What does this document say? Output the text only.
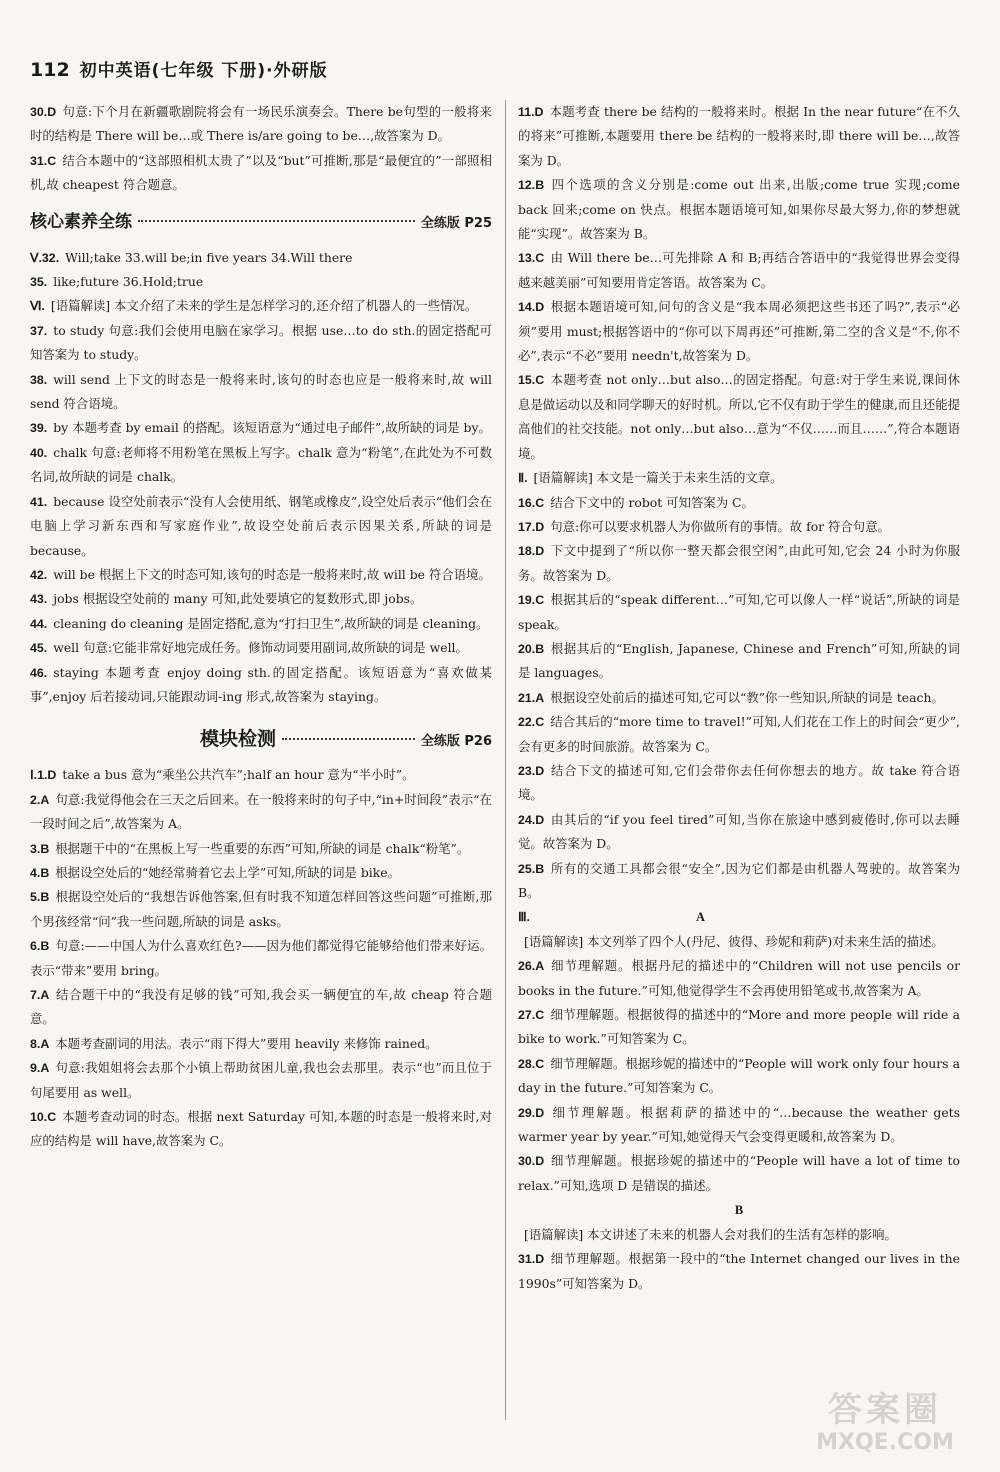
112 初中英语(七年级 下册)·外研版

30.D 句意:下个月在新疆歌剧院将会有一场民乐演奏会。There be句型的一般将来时的结构是 There will be…或 There is/are going to be…,故答案为 D。

31.C 结合本题中的“这部照相机太贵了”以及“but”可推断,那是“最便宜的”一部照相机,故 cheapest 符合题意。

核心素养全练	全练版 P25

Ⅴ.32. Will;take 33.will be;in five years 34.Will there

35. like;future 36.Hold;true

Ⅵ. [语篇解读] 本文介绍了未来的学生是怎样学习的,还介绍了机器人的一些情况。

37. to study 句意:我们会使用电脑在家学习。根据 use…to do sth.的固定搭配可知答案为 to study。

38. will send 上下文的时态是一般将来时,该句的时态也应是一般将来时,故 will send 符合语境。

39. by 本题考查 by email 的搭配。该短语意为“通过电子邮件”,故所缺的词是 by。

40. chalk 句意:老师将不用粉笔在黑板上写字。chalk 意为“粉笔”,在此处为不可数名词,故所缺的词是 chalk。

41. because 设空处前表示“没有人会使用纸、钢笔或橡皮”,设空处后表示“他们会在电脑上学习新东西和写家庭作业”,故设空处前后表示因果关系,所缺的词是 because。

42. will be 根据上下文的时态可知,该句的时态是一般将来时,故 will be 符合语境。

43. jobs 根据设空处前的 many 可知,此处要填它的复数形式,即 jobs。

44. cleaning do cleaning 是固定搭配,意为“打扫卫生”,故所缺的词是 cleaning。

45. well 句意:它能非常好地完成任务。修饰动词要用副词,故所缺的词是 well。

46. staying 本题考查 enjoy doing sth.的固定搭配。该短语意为“喜欢做某事”,enjoy 后若接动词,只能跟动词-ing 形式,故答案为 staying。

模块检测	全练版 P26

Ⅰ.1.D take a bus 意为“乘坐公共汽车”;half an hour 意为“半小时”。

2.A 句意:我觉得他会在三天之后回来。在一般将来时的句子中,“in+时间段”表示“在一段时间之后”,故答案为 A。

3.B 根据题干中的“在黑板上写一些重要的东西”可知,所缺的词是 chalk“粉笔”。

4.B 根据设空处后的“她经常骑着它去上学”可知,所缺的词是 bike。

5.B 根据设空处后的“我想告诉他答案,但有时我不知道怎样回答这些问题”可推断,那个男孩经常“问”我一些问题,所缺的词是 asks。

6.B 句意:——中国人为什么喜欢红色?——因为他们都觉得它能够给他们带来好运。表示“带来”要用 bring。

7.A 结合题干中的“我没有足够的钱”可知,我会买一辆便宜的车,故 cheap 符合题意。

8.A 本题考查副词的用法。表示“雨下得大”要用 heavily 来修饰 rained。

9.A 句意:我姐姐将会去那个小镇上帮助贫困儿童,我也会去那里。表示“也”而且位于句尾要用 as well。

10.C 本题考查动词的时态。根据 next Saturday 可知,本题的时态是一般将来时,对应的结构是 will have,故答案为 C。

11.D 本题考查 there be 结构的一般将来时。根据 In the near future“在不久的将来”可推断,本题要用 there be 结构的一般将来时,即 there will be…,故答案为 D。

12.B 四个选项的含义分别是:come out 出来,出版;come true 实现;come back 回来;come on 快点。根据本题语境可知,如果你尽最大努力,你的梦想就能“实现”。故答案为 B。

13.C 由 Will there be…可先排除 A 和 B;再结合答语中的“我觉得世界会变得越来越美丽”可知要用肯定答语。故答案为 C。

14.D 根据本题语境可知,问句的含义是“我本周必须把这些书还了吗?”,表示“必须”要用 must;根据答语中的“你可以下周再还”可推断,第二空的含义是“不,你不必”,表示“不必”要用 needn't,故答案为 D。

15.C 本题考查 not only…but also…的固定搭配。句意:对于学生来说,课间休息是做运动以及和同学聊天的好时机。所以,它不仅有助于学生的健康,而且还能提高他们的社交技能。not only…but also…意为“不仅……而且……”,符合本题语境。

Ⅱ. [语篇解读] 本文是一篇关于未来生活的文章。

16.C 结合下文中的 robot 可知答案为 C。

17.D 句意:你可以要求机器人为你做所有的事情。故 for 符合句意。

18.D 下文中提到了“所以你一整天都会很空闲”,由此可知,它会 24 小时为你服务。故答案为 D。

19.C 根据其后的“speak different…”可知,它可以像人一样“说话”,所缺的词是 speak。

20.B 根据其后的“English, Japanese, Chinese and French”可知,所缺的词是 languages。

21.A 根据设空处前后的描述可知,它可以“教”你一些知识,所缺的词是 teach。

22.C 结合其后的“more time to travel!”可知,人们花在工作上的时间会“更少”,会有更多的时间旅游。故答案为 C。

23.D 结合下文的描述可知,它们会带你去任何你想去的地方。故 take 符合语境。

24.D 由其后的“if you feel tired”可知,当你在旅途中感到疲倦时,你可以去睡觉。故答案为 D。

25.B 所有的交通工具都会很“安全”,因为它们都是由机器人驾驶的。故答案为 B。

Ⅲ.	A

[语篇解读] 本文列举了四个人(丹尼、彼得、珍妮和莉萨)对未来生活的描述。

26.A 细节理解题。根据丹尼的描述中的“Children will not use pencils or books in the future.”可知,他觉得学生不会再使用铅笔或书,故答案为 A。

27.C 细节理解题。根据彼得的描述中的“More and more people will ride a bike to work.”可知答案为 C。

28.C 细节理解题。根据珍妮的描述中的“People will work only four hours a day in the future.”可知答案为 C。

29.D 细节理解题。根据莉萨的描述中的“…because the weather gets warmer year by year.”可知,她觉得天气会变得更暖和,故答案为 D。

30.D 细节理解题。根据珍妮的描述中的“People will have a lot of time to relax.”可知,选项 D 是错误的描述。

B

[语篇解读] 本文讲述了未来的机器人会对我们的生活有怎样的影响。

31.D 细节理解题。根据第一段中的“the Internet changed our lives in the 1990s”可知答案为 D。

答案圈
MXQE.COM
